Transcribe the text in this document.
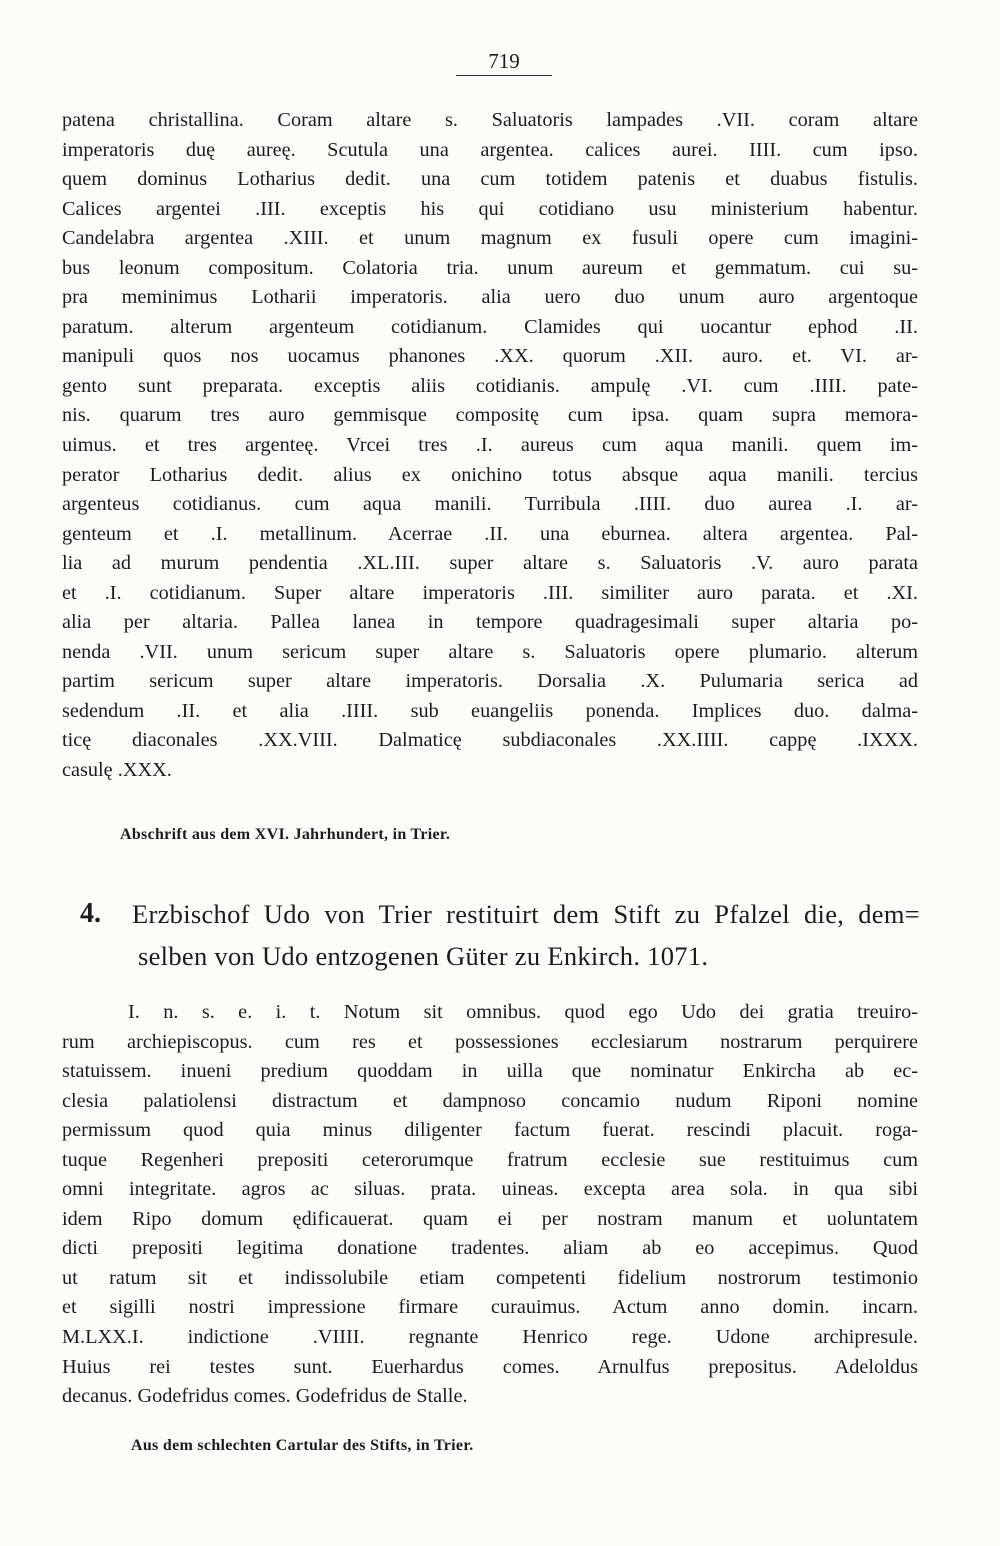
719
patena christallina. Coram altare s. Saluatoris lampades .VII. coram altare
imperatoris duę aureę. Scutula una argentea. calices aurei. IIII. cum ipso.
quem dominus Lotharius dedit. una cum totidem patenis et duabus fistulis.
Calices argentei .III. exceptis his qui cotidiano usu ministerium habentur.
Candelabra argentea .XIII. et unum magnum ex fusuli opere cum imagini-
bus leonum compositum. Colatoria tria. unum aureum et gemmatum. cui su-
pra meminimus Lotharii imperatoris. alia uero duo unum auro argentoque
paratum. alterum argenteum cotidianum. Clamides qui uocantur ephod .II.
manipuli quos nos uocamus phanones .XX. quorum .XII. auro. et. VI. ar-
gento sunt preparata. exceptis aliis cotidianis. ampulę .VI. cum .IIII. pate-
nis. quarum tres auro gemmisque compositę cum ipsa. quam supra memora-
uimus. et tres argenteę. Vrcei tres .I. aureus cum aqua manili. quem im-
perator Lotharius dedit. alius ex onichino totus absque aqua manili. tercius
argenteus cotidianus. cum aqua manili. Turribula .IIII. duo aurea .I. ar-
genteum et .I. metallinum. Acerrae .II. una eburnea. altera argentea. Pal-
lia ad murum pendentia .XL.III. super altare s. Saluatoris .V. auro parata
et .I. cotidianum. Super altare imperatoris .III. similiter auro parata. et .XI.
alia per altaria. Pallea lanea in tempore quadragesimali super altaria po-
nenda .VII. unum sericum super altare s. Saluatoris opere plumario. alterum
partim sericum super altare imperatoris. Dorsalia .X. Pulumaria serica ad
sedendum .II. et alia .IIII. sub euangeliis ponenda. Implices duo. dalma-
ticę diaconales .XX.VIII. Dalmaticę subdiaconales .XX.IIII. cappę .IXXX.
casulę .XXX.
Abschrift aus dem XVI. Jahrhundert, in Trier.
4. Erzbischof Udo von Trier restituirt dem Stift zu Pfalzel die, dem=
selben von Udo entzogenen Güter zu Enkirch. 1071.
I. n. s. e. i. t. Notum sit omnibus. quod ego Udo dei gratia treuiro-
rum archiepiscopus. cum res et possessiones ecclesiarum nostrarum perquirere
statuissem. inueni predium quoddam in uilla que nominatur Enkircha ab ec-
clesia palatiolensi distractum et dampnoso concamio nudum Riponi nomine
permissum quod quia minus diligenter factum fuerat. rescindi placuit. roga-
tuque Regenheri prepositi ceterorumque fratrum ecclesie sue restituimus cum
omni integritate. agros ac siluas. prata. uineas. excepta area sola. in qua sibi
idem Ripo domum ędificauerat. quam ei per nostram manum et uoluntatem
dicti prepositi legitima donatione tradentes. aliam ab eo accepimus. Quod
ut ratum sit et indissolubile etiam competenti fidelium nostrorum testimonio
et sigilli nostri impressione firmare curauimus. Actum anno domin. incarn.
M.LXX.I. indictione .VIIII. regnante Henrico rege. Udone archipresule.
Huius rei testes sunt. Euerhardus comes. Arnulfus prepositus. Adeloldus
decanus. Godefridus comes. Godefridus de Stalle.
Aus dem schlechten Cartular des Stifts, in Trier.
